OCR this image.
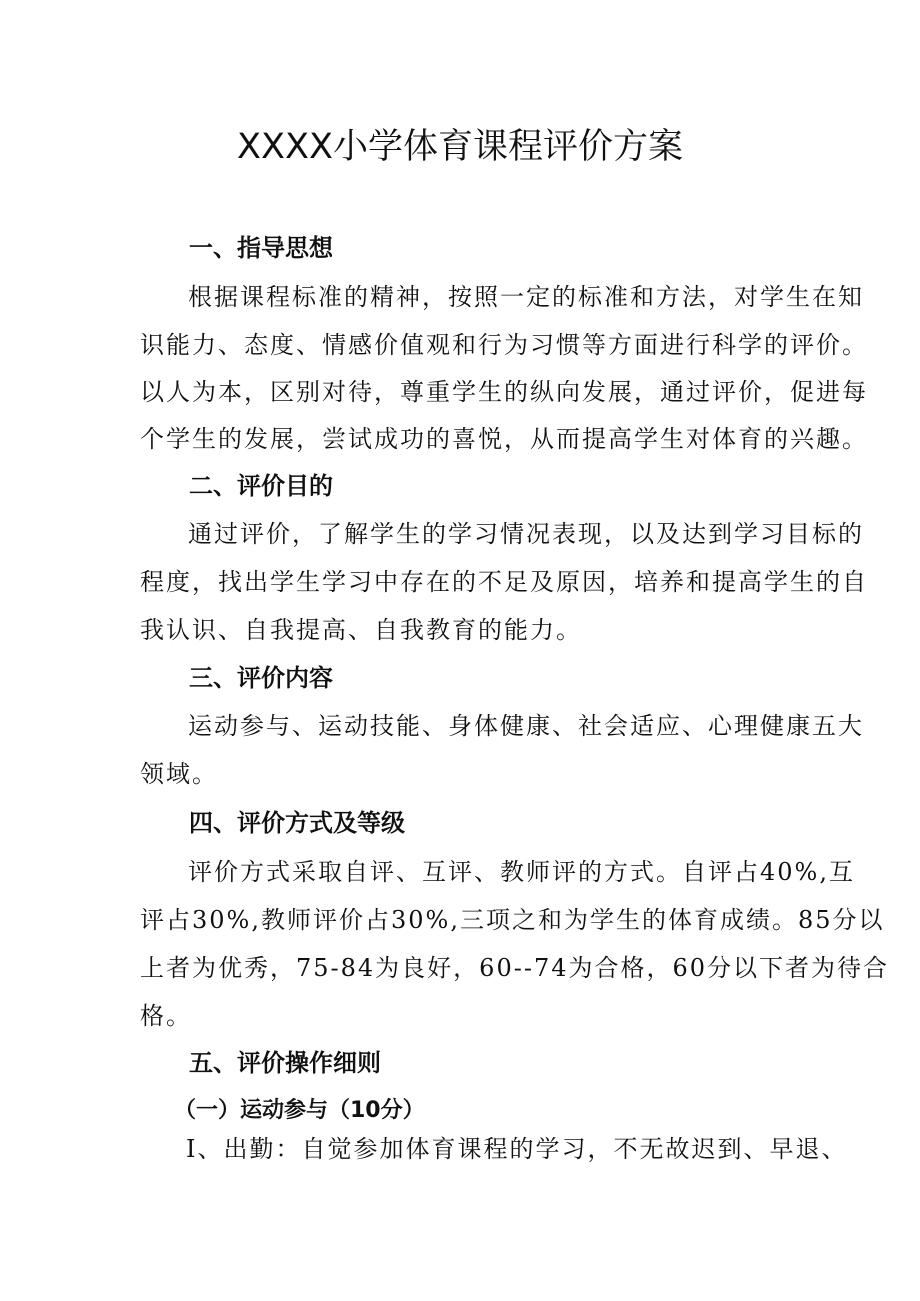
XXXX小学体育课程评价方案
一、指导思想
根据课程标准的精神，按照一定的标准和方法，对学生在知
识能力、态度、情感价值观和行为习惯等方面进行科学的评价。
以人为本，区别对待，尊重学生的纵向发展，通过评价，促进每
个学生的发展，尝试成功的喜悦，从而提高学生对体育的兴趣。
二、评价目的
通过评价，了解学生的学习情况表现，以及达到学习目标的
程度，找出学生学习中存在的不足及原因，培养和提高学生的自
我认识、自我提高、自我教育的能力。
三、评价内容
运动参与、运动技能、身体健康、社会适应、心理健康五大
领域。
四、评价方式及等级
评价方式采取自评、互评、教师评的方式。自评占40%,互
评占30%,教师评价占30%,三项之和为学生的体育成绩。85分以
上者为优秀，75-84为良好，60--74为合格，60分以下者为待合
格。
五、评价操作细则
（一）运动参与（10分）
I、出勤：自觉参加体育课程的学习，不无故迟到、早退、
